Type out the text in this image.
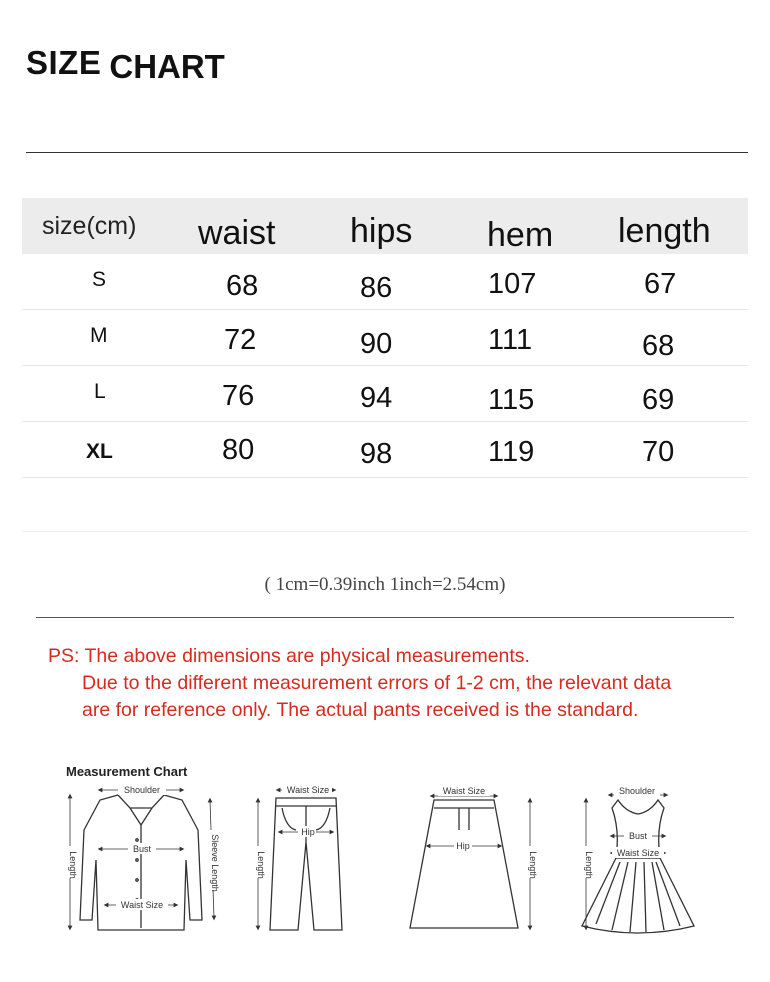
SIZE CHART
size(cm) waist hips hem length
S	68	86	107	67
M	72	90	111	68
L	76	94	115	69
XL	80	98	119	70
( 1cm=0.39inch 1inch=2.54cm)
PS: The above dimensions are physical measurements.
Due to the different measurement errors of 1-2 cm, the relevant data
are for reference only. The actual pants received is the standard.
Measurement Chart
Shoulder
Bust
Waist Size
Length	Sleeve Length
Waist Size
Hip
Length
Waist Size
Hip
Length
Shoulder
Bust
Waist Size
Length
